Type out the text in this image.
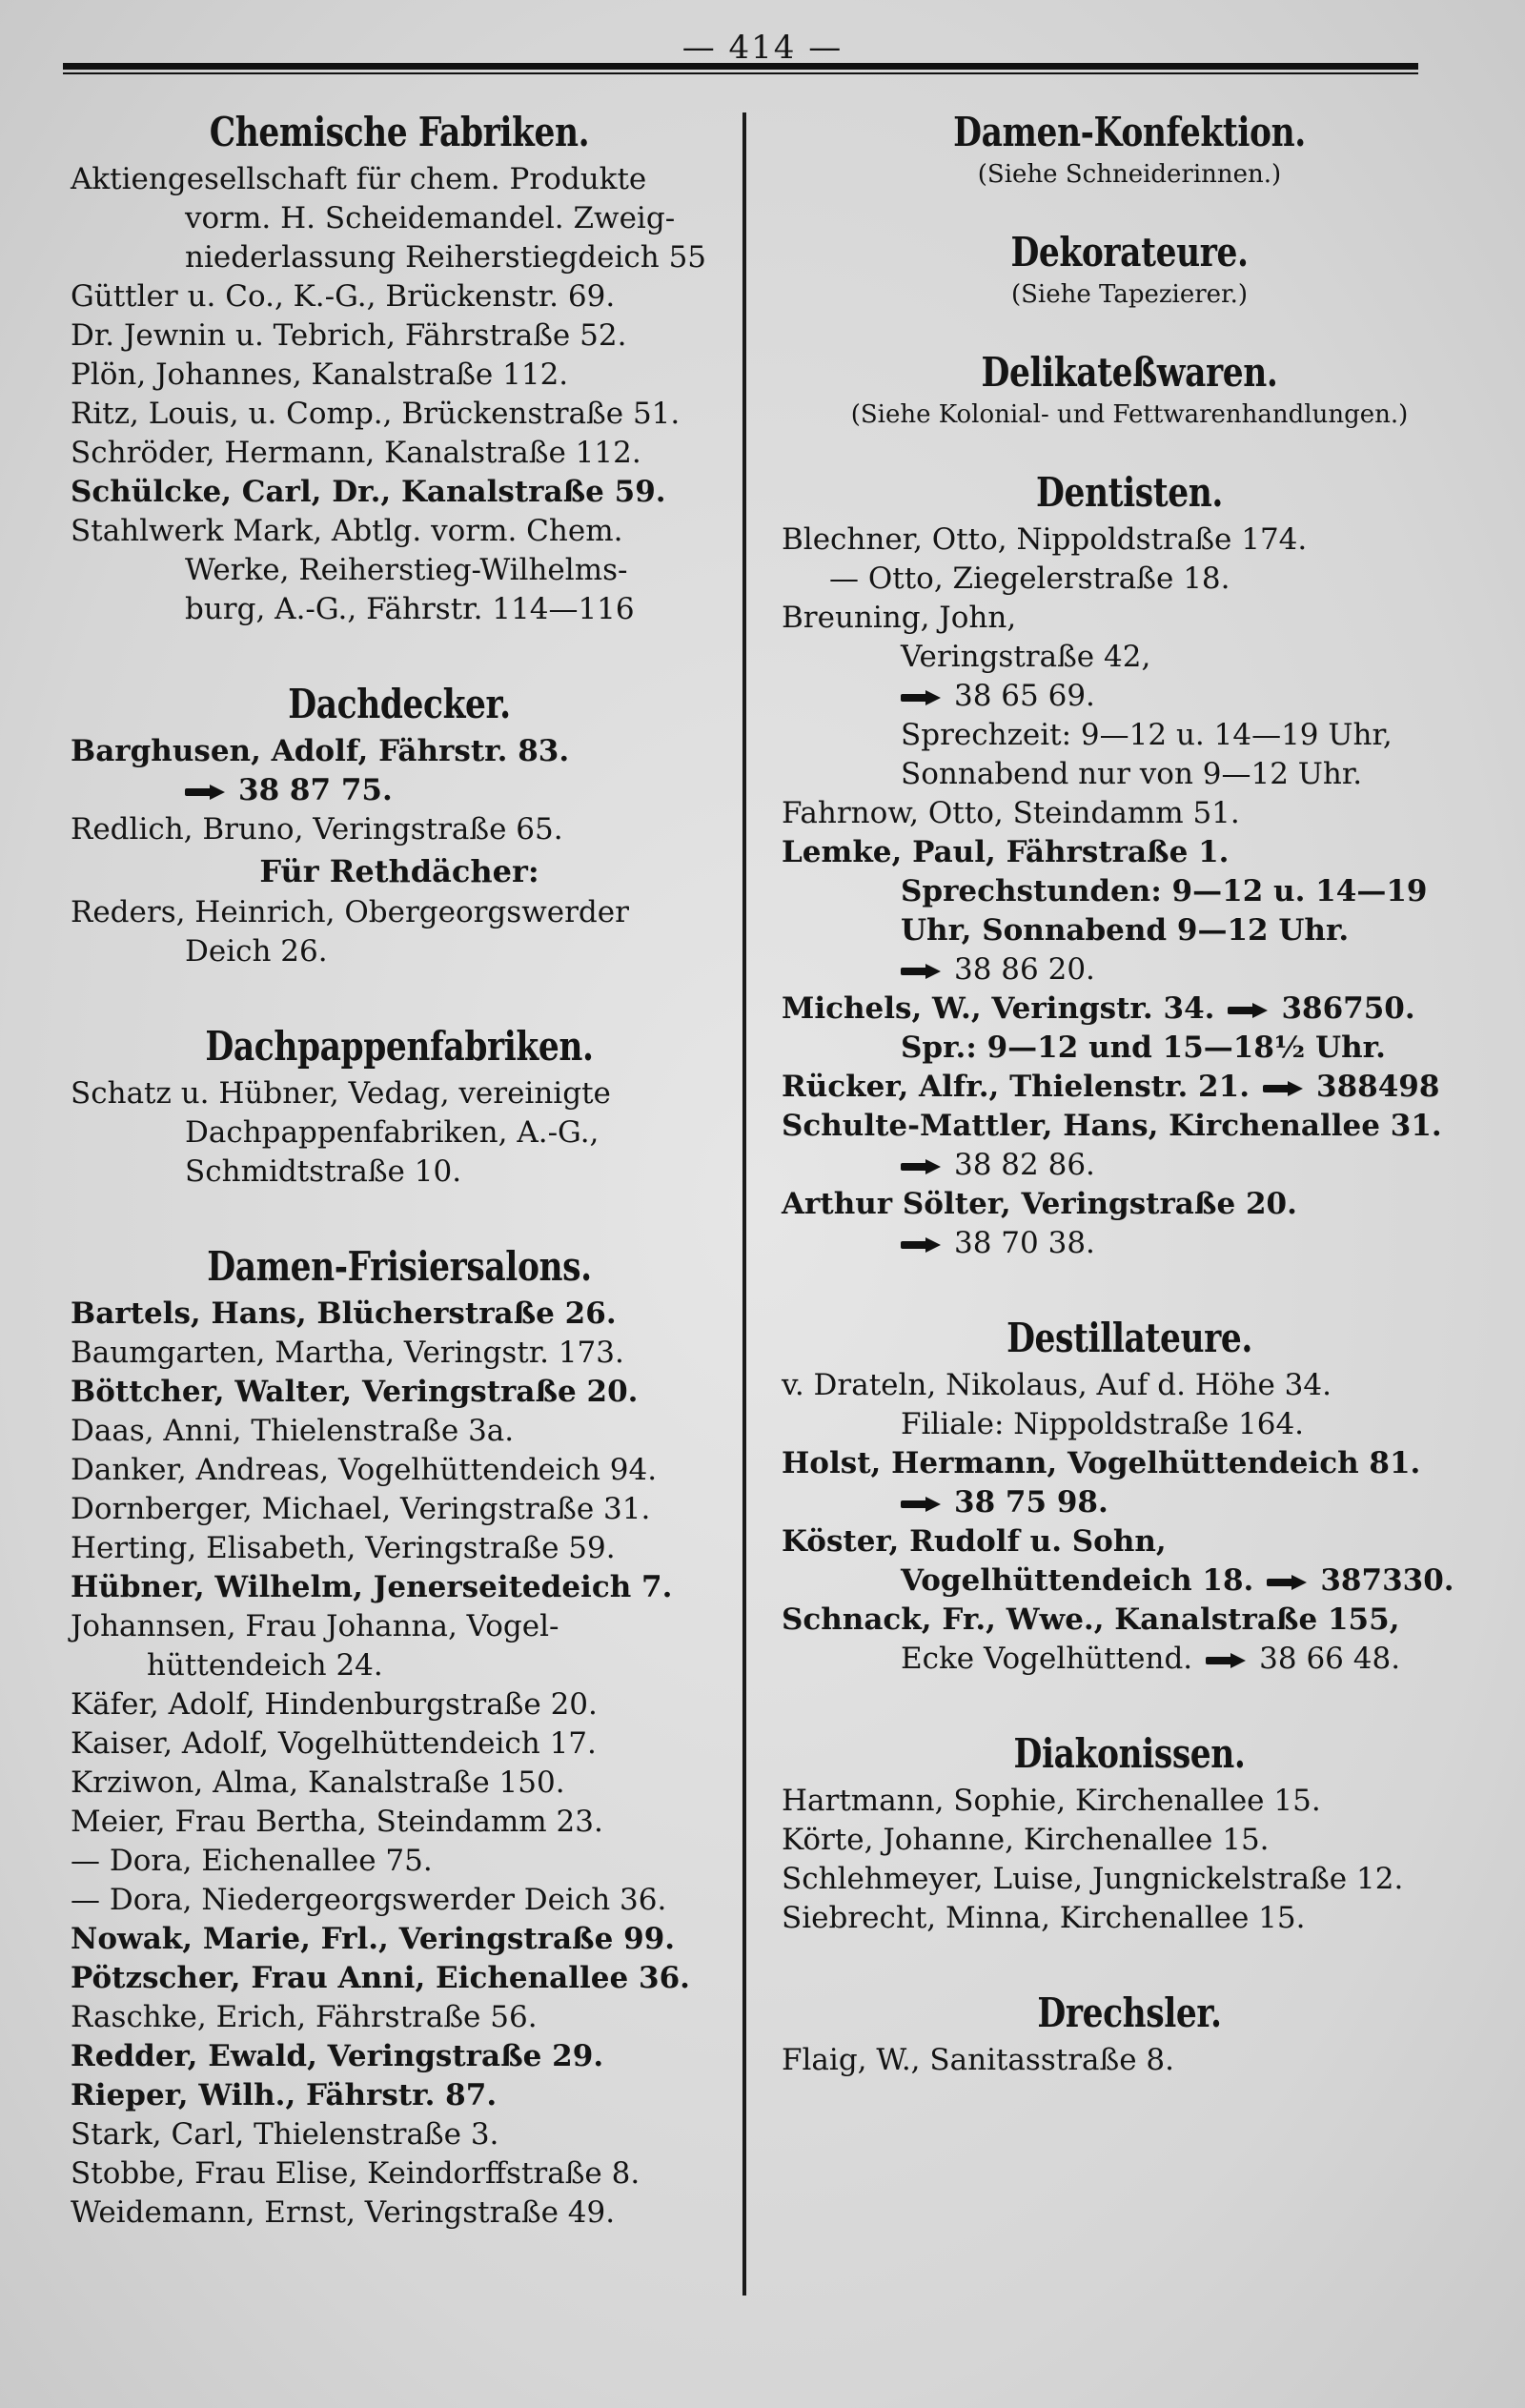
— 414 —
Chemische Fabriken.
Aktiengesellschaft für chem. Produkte
vorm. H. Scheidemandel. Zweig-
niederlassung Reiherstiegdeich 55
Güttler u. Co., K.-G., Brückenstr. 69.
Dr. Jewnin u. Tebrich, Fährstraße 52.
Plön, Johannes, Kanalstraße 112.
Ritz, Louis, u. Comp., Brückenstraße 51.
Schröder, Hermann, Kanalstraße 112.
Schülcke, Carl, Dr., Kanalstraße 59.
Stahlwerk Mark, Abtlg. vorm. Chem.
Werke, Reiherstieg-Wilhelms-
burg, A.-G., Fährstr. 114—116
Dachdecker.
Barghusen, Adolf, Fährstr. 83.
38 87 75.
Redlich, Bruno, Veringstraße 65.
Für Rethdächer:
Reders, Heinrich, Obergeorgswerder
Deich 26.
Dachpappenfabriken.
Schatz u. Hübner, Vedag, vereinigte
Dachpappenfabriken, A.-G.,
Schmidtstraße 10.
Damen-Frisiersalons.
Bartels, Hans, Blücherstraße 26.
Baumgarten, Martha, Veringstr. 173.
Böttcher, Walter, Veringstraße 20.
Daas, Anni, Thielenstraße 3a.
Danker, Andreas, Vogelhüttendeich 94.
Dornberger, Michael, Veringstraße 31.
Herting, Elisabeth, Veringstraße 59.
Hübner, Wilhelm, Jenerseitedeich 7.
Johannsen, Frau Johanna, Vogel-
hüttendeich 24.
Käfer, Adolf, Hindenburgstraße 20.
Kaiser, Adolf, Vogelhüttendeich 17.
Krziwon, Alma, Kanalstraße 150.
Meier, Frau Bertha, Steindamm 23.
— Dora, Eichenallee 75.
— Dora, Niedergeorgswerder Deich 36.
Nowak, Marie, Frl., Veringstraße 99.
Pötzscher, Frau Anni, Eichenallee 36.
Raschke, Erich, Fährstraße 56.
Redder, Ewald, Veringstraße 29.
Rieper, Wilh., Fährstr. 87.
Stark, Carl, Thielenstraße 3.
Stobbe, Frau Elise, Keindorffstraße 8.
Weidemann, Ernst, Veringstraße 49.
Damen-Konfektion.
(Siehe Schneiderinnen.)
Dekorateure.
(Siehe Tapezierer.)
Delikateßwaren.
(Siehe Kolonial- und Fettwarenhandlungen.)
Dentisten.
Blechner, Otto, Nippoldstraße 174.
— Otto, Ziegelerstraße 18.
Breuning, John,
Veringstraße 42,
38 65 69.
Sprechzeit: 9—12 u. 14—19 Uhr,
Sonnabend nur von 9—12 Uhr.
Fahrnow, Otto, Steindamm 51.
Lemke, Paul, Fährstraße 1.
Sprechstunden: 9—12 u. 14—19
Uhr, Sonnabend 9—12 Uhr.
38 86 20.
Michels, W., Veringstr. 34. 386750.
Spr.: 9—12 und 15—18½ Uhr.
Rücker, Alfr., Thielenstr. 21. 388498
Schulte-Mattler, Hans, Kirchenallee 31.
38 82 86.
Arthur Sölter, Veringstraße 20.
38 70 38.
Destillateure.
v. Drateln, Nikolaus, Auf d. Höhe 34.
Filiale: Nippoldstraße 164.
Holst, Hermann, Vogelhüttendeich 81.
38 75 98.
Köster, Rudolf u. Sohn,
Vogelhüttendeich 18. 387330.
Schnack, Fr., Wwe., Kanalstraße 155,
Ecke Vogelhüttend. 38 66 48.
Diakonissen.
Hartmann, Sophie, Kirchenallee 15.
Körte, Johanne, Kirchenallee 15.
Schlehmeyer, Luise, Jungnickelstraße 12.
Siebrecht, Minna, Kirchenallee 15.
Drechsler.
Flaig, W., Sanitasstraße 8.
